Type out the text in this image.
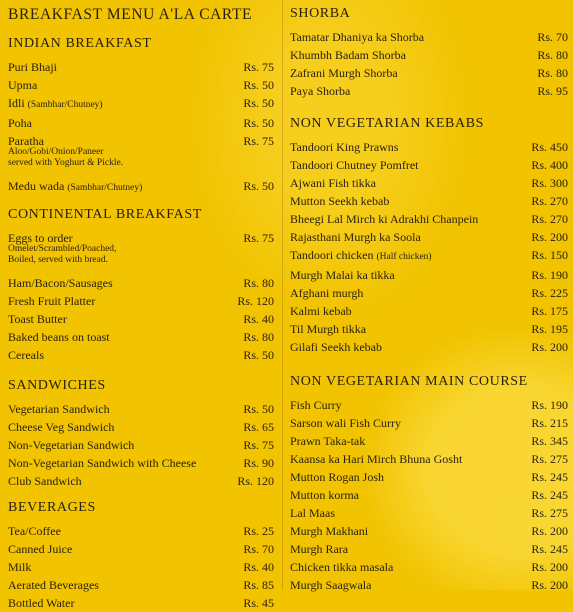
BREAKFAST MENU A'LA CARTE
INDIAN BREAKFAST
Puri Bhaji	Rs. 75
Upma	Rs. 50
Idli (Sambhar/Chutney)	Rs. 50
Poha	Rs. 50
Paratha	Rs. 75
Aloo/Gobi/Onion/Paneer
served with Yoghurt & Pickle.
Medu wada (Sambhar/Chutney)	Rs. 50
CONTINENTAL BREAKFAST
Eggs to order	Rs. 75
Omelet/Scrambled/Poached,
Boiled, served with bread.
Ham/Bacon/Sausages	Rs. 80
Fresh Fruit Platter	Rs. 120
Toast Butter	Rs. 40
Baked beans on toast	Rs. 80
Cereals	Rs. 50
SANDWICHES
Vegetarian Sandwich	Rs. 50
Cheese Veg Sandwich	Rs. 65
Non-Vegetarian Sandwich	Rs. 75
Non-Vegetarian Sandwich with Cheese	Rs. 90
Club Sandwich	Rs. 120
BEVERAGES
Tea/Coffee	Rs. 25
Canned Juice	Rs. 70
Milk	Rs. 40
Aerated Beverages	Rs. 85
Bottled Water	Rs. 45
SHORBA
Tamatar Dhaniya ka Shorba	Rs. 70
Khumbh Badam Shorba	Rs. 80
Zafrani Murgh Shorba	Rs. 80
Paya Shorba	Rs. 95
NON VEGETARIAN KEBABS
Tandoori King Prawns	Rs. 450
Tandoori Chutney Pomfret	Rs. 400
Ajwani Fish tikka	Rs. 300
Mutton Seekh kebab	Rs. 270
Bheegi Lal Mirch ki Adrakhi Chanpein	Rs. 270
Rajasthani Murgh ka Soola	Rs. 200
Tandoori chicken (Half chicken)	Rs. 150
Murgh Malai ka tikka	Rs. 190
Afghani murgh	Rs. 225
Kalmi kebab	Rs. 175
Til Murgh tikka	Rs. 195
Gilafi Seekh kebab	Rs. 200
NON VEGETARIAN MAIN COURSE
Fish Curry	Rs. 190
Sarson wali Fish Curry	Rs. 215
Prawn Taka-tak	Rs. 345
Kaansa ka Hari Mirch Bhuna Gosht	Rs. 275
Mutton Rogan Josh	Rs. 245
Mutton korma	Rs. 245
Lal Maas	Rs. 275
Murgh Makhani	Rs. 200
Murgh Rara	Rs. 245
Chicken tikka masala	Rs. 200
Murgh Saagwala	Rs. 200
